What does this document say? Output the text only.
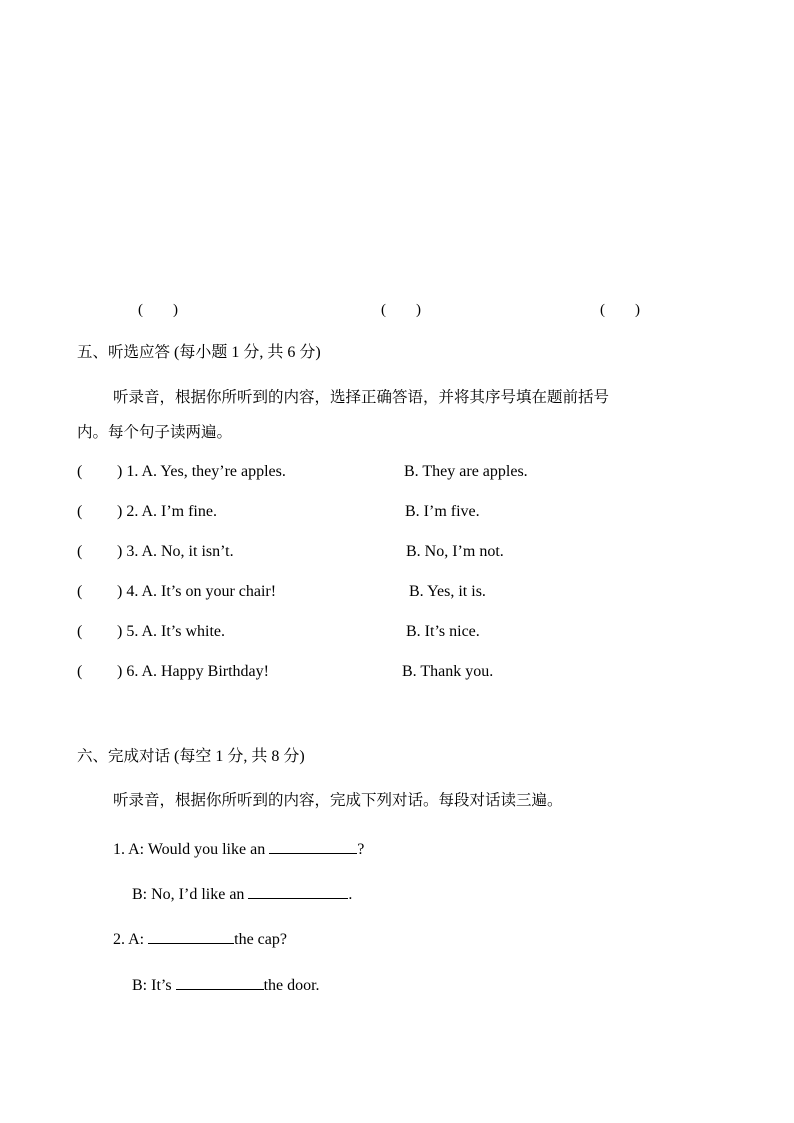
(　　)	(　　)	(　　)
五、听选应答 (每小题 1 分, 共 6 分)
听录音，根据你所听到的内容，选择正确答语，并将其序号填在题前括号
内。每个句子读两遍。
( ) 1. A. Yes, they’re apples.	B. They are apples.
( ) 2. A. I’m fine.	B. I’m five.
( ) 3. A. No, it isn’t.	B. No, I’m not.
( ) 4. A. It’s on your chair!	B. Yes, it is.
( ) 5. A. It’s white.	B. It’s nice.
( ) 6. A. Happy Birthday!	B. Thank you.
六、完成对话 (每空 1 分, 共 8 分)
听录音，根据你所听到的内容，完成下列对话。每段对话读三遍。
1. A: Would you like an	?
B: No, I’d like an	.
2. A:	the cap?
B: It’s	the door.
